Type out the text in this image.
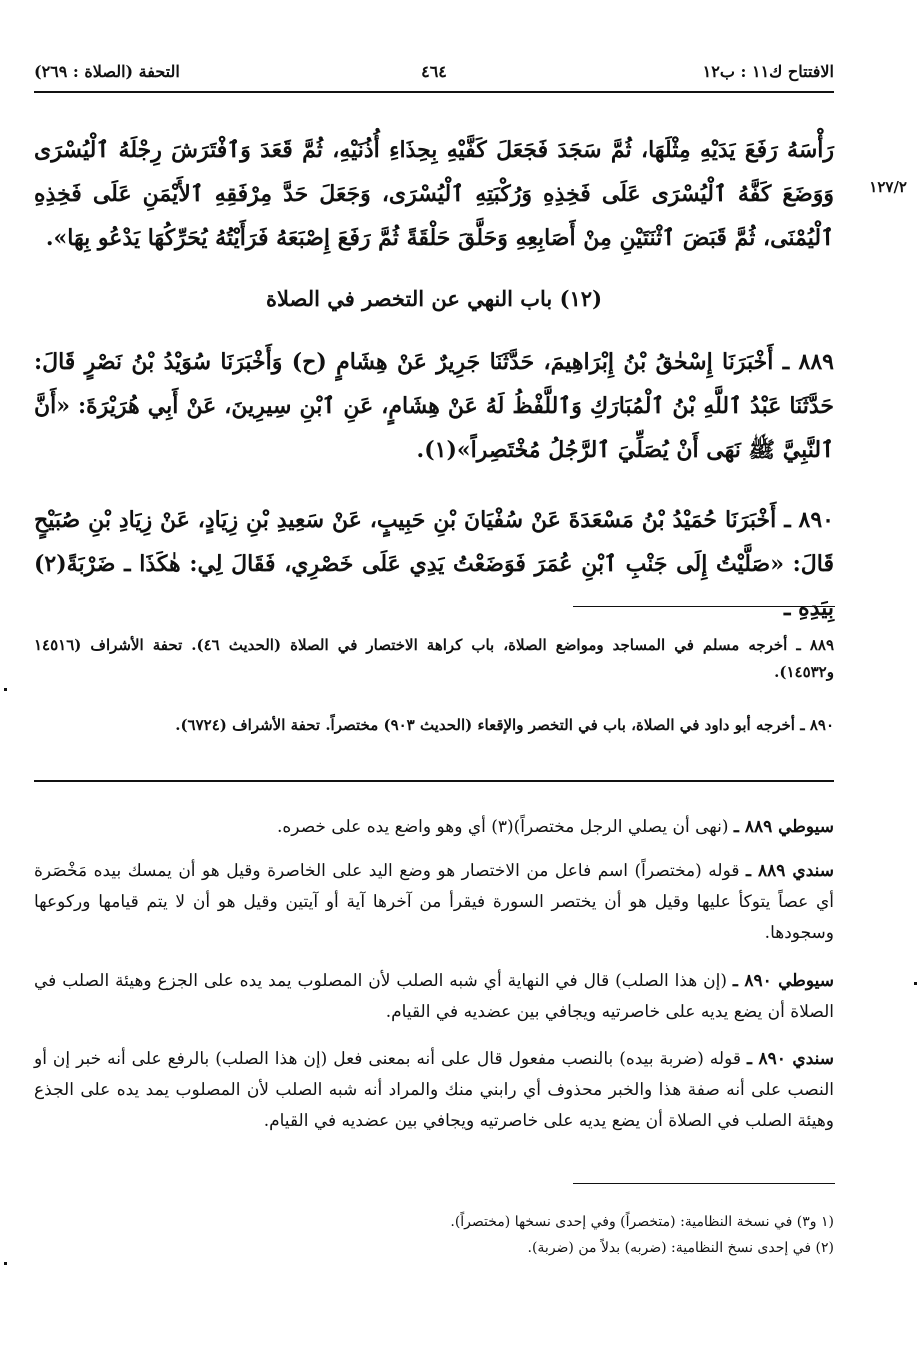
الافتتاح ك١١ : ب١٢
٤٦٤
التحفة (الصلاة : ٢٦٩)
١٢٧/٢
رَأْسَهُ رَفَعَ يَدَيْهِ مِثْلَهَا، ثُمَّ سَجَدَ فَجَعَلَ كَفَّيْهِ بِحِذَاءِ أُذُنَيْهِ، ثُمَّ قَعَدَ وَٱفْتَرَشَ رِجْلَهُ ٱلْيُسْرَى وَوَضَعَ كَفَّهُ ٱلْيُسْرَى عَلَى فَخِذِهِ وَرُكْبَتِهِ ٱلْيُسْرَى، وَجَعَلَ حَدَّ مِرْفَقِهِ ٱلأَيْمَنِ عَلَى فَخِذِهِ ٱلْيُمْنَى، ثُمَّ قَبَضَ ٱثْنَتَيْنِ مِنْ أَصَابِعِهِ وَحَلَّقَ حَلْقَةً ثُمَّ رَفَعَ إِصْبَعَهُ فَرَأَيْتُهُ يُحَرِّكُهَا يَدْعُو بِهَا».
(١٢) باب النهي عن التخصر في الصلاة
٨٨٩ ـ أَخْبَرَنَا إِسْحٰقُ بْنُ إِبْرَاهِيمَ، حَدَّثَنَا جَرِيرٌ عَنْ هِشَامٍ (ح) وَأَخْبَرَنَا سُوَيْدُ بْنُ نَصْرٍ قَالَ: حَدَّثَنَا عَبْدُ ٱللَّهِ بْنُ ٱلْمُبَارَكِ وَٱللَّفْظُ لَهُ عَنْ هِشَامٍ، عَنِ ٱبْنِ سِيرِينَ، عَنْ أَبِي هُرَيْرَةَ: «أَنَّ ٱلنَّبِيَّ ﷺ نَهَى أَنْ يُصَلِّيَ ٱلرَّجُلُ مُخْتَصِراً»(١).
٨٩٠ ـ أَخْبَرَنَا حُمَيْدُ بْنُ مَسْعَدَةَ عَنْ سُفْيَانَ بْنِ حَبِيبٍ، عَنْ سَعِيدِ بْنِ زِيَادٍ، عَنْ زِيَادِ بْنِ صُبَيْحٍ قَالَ: «صَلَّيْتُ إِلَى جَنْبِ ٱبْنِ عُمَرَ فَوَضَعْتُ يَدِي عَلَى خَصْرِي، فَقَالَ لِي: هٰكَذَا ـ ضَرْبَةً(٢) بِيَدِهِ ـ
٨٨٩ ـ أخرجه مسلم في المساجد ومواضع الصلاة، باب كراهة الاختصار في الصلاة (الحديث ٤٦). تحفة الأشراف (١٤٥١٦ و١٤٥٣٢).
٨٩٠ ـ أخرجه أبو داود في الصلاة، باب في التخصر والإقعاء (الحديث ٩٠٣) مختصراً. تحفة الأشراف (٦٧٢٤).
سيوطي ٨٨٩ ـ (نهى أن يصلي الرجل مختصراً)(٣) أي وهو واضع يده على خصره.
سندي ٨٨٩ ـ قوله (مختصراً) اسم فاعل من الاختصار هو وضع اليد على الخاصرة وقيل هو أن يمسك بيده مَخْصَرة أي عصاً يتوكأ عليها وقيل هو أن يختصر السورة فيقرأ من آخرها آية أو آيتين وقيل هو أن لا يتم قيامها وركوعها وسجودها.
سيوطي ٨٩٠ ـ (إن هذا الصلب) قال في النهاية أي شبه الصلب لأن المصلوب يمد يده على الجزع وهيئة الصلب في الصلاة أن يضع يديه على خاصرتيه ويجافي بين عضديه في القيام.
سندي ٨٩٠ ـ قوله (ضربة بيده) بالنصب مفعول قال على أنه بمعنى فعل (إن هذا الصلب) بالرفع على أنه خبر إن أو النصب على أنه صفة هذا والخبر محذوف أي رابني منك والمراد أنه شبه الصلب لأن المصلوب يمد يده على الجذع وهيئة الصلب في الصلاة أن يضع يديه على خاصرتيه ويجافي بين عضديه في القيام.
(١ و٣) في نسخة النظامية: (متخصراً) وفي إحدى نسخها (مختصراً).
(٢) في إحدى نسخ النظامية: (ضربه) بدلاً من (ضربة).
